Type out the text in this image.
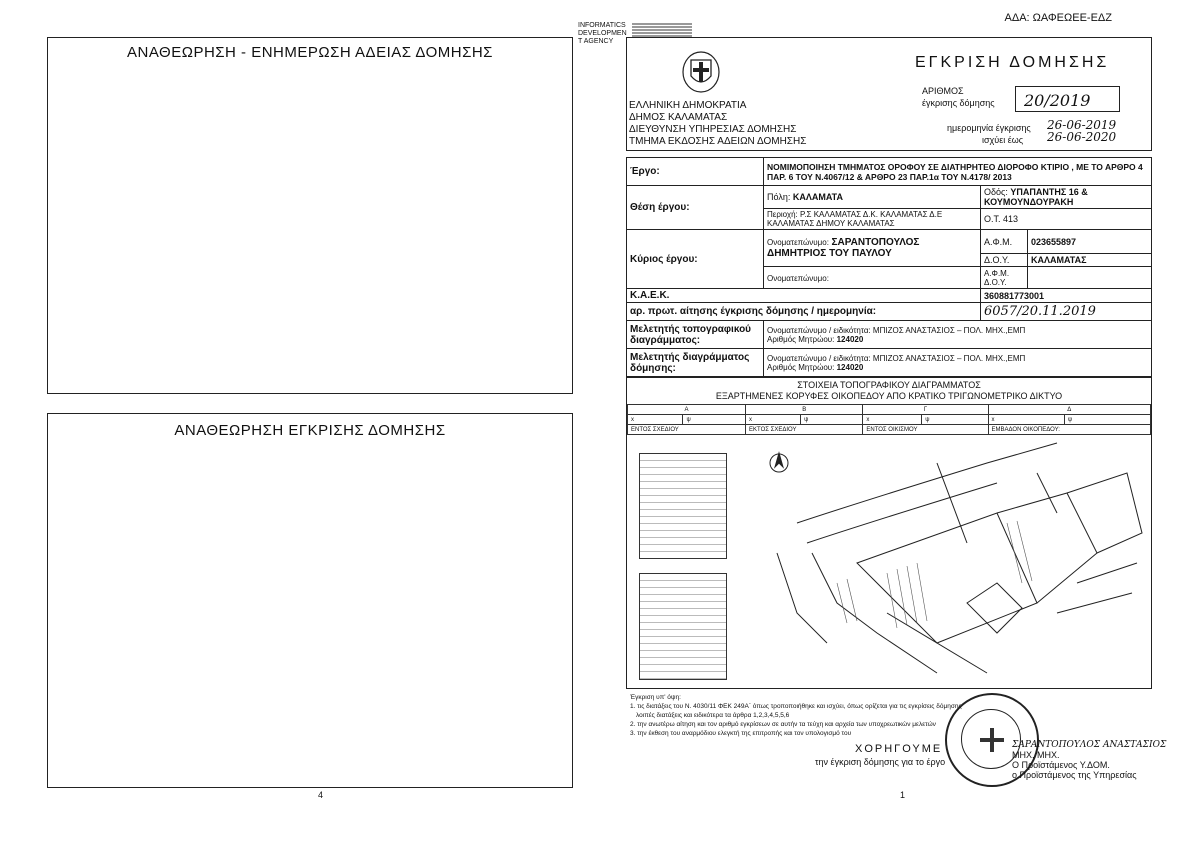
ΑΔΑ: ΩΑΦΕΩΕΕ-ΕΔΖ
ΑΝΑΘΕΩΡΗΣΗ - ΕΝΗΜΕΡΩΣΗ ΑΔΕΙΑΣ ΔΟΜΗΣΗΣ
ΑΝΑΘΕΩΡΗΣΗ ΕΓΚΡΙΣΗΣ ΔΟΜΗΣΗΣ
4
INFORMATICS
DEVELOPMEN
T AGENCY
ΕΛΛΗΝΙΚΗ ΔΗΜΟΚΡΑΤΙΑ
ΔΗΜΟΣ ΚΑΛΑΜΑΤΑΣ
ΔΙΕΥΘΥΝΣΗ ΥΠΗΡΕΣΙΑΣ ΔΟΜΗΣΗΣ
ΤΜΗΜΑ ΕΚΔΟΣΗΣ ΑΔΕΙΩΝ ΔΟΜΗΣΗΣ
ΕΓΚΡΙΣΗ ΔΟΜΗΣΗΣ
ΑΡΙΘΜΟΣ
έγκρισης δόμησης 20/2019
ημερομηνία έγκρισης 26-06-2019
ισχύει έως 26-06-2020
Έργο:	ΝΟΜΙΜΟΠΟΙΗΣΗ ΤΜΗΜΑΤΟΣ ΟΡΟΦΟΥ ΣΕ ΔΙΑΤΗΡΗΤΕΟ ΔΙΟΡΟΦΟ ΚΤΙΡΙΟ , ΜΕ ΤΟ ΑΡΘΡΟ 4 ΠΑΡ. 6 ΤΟΥ Ν.4067/12 & ΑΡΘΡΟ 23 ΠΑΡ.1α ΤΟΥ Ν.4178/ 2013		
Θέση έργου:	Πόλη: ΚΑΛΑΜΑΤΑ	Οδός: ΥΠΑΠΑΝΤΗΣ 16 & ΚΟΥΜΟΥΝΔΟΥΡΑΚΗ	
	Περιοχή: Ρ.Σ ΚΑΛΑΜΑΤΑΣ Δ.Κ. ΚΑΛΑΜΑΤΑΣ Δ.Ε ΚΑΛΑΜΑΤΑΣ ΔΗΜΟΥ ΚΑΛΑΜΑΤΑΣ	Ο.Τ. 413	
Κύριος έργου:	Ονοματεπώνυμο: ΣΑΡΑΝΤΟΠΟΥΛΟΣ ΔΗΜΗΤΡΙΟΣ ΤΟΥ ΠΑΥΛΟΥ	Α.Φ.Μ.	023655897
		Δ.Ο.Υ.	ΚΑΛΑΜΑΤΑΣ
	Ονοματεπώνυμο:	Α.Φ.Μ.
Δ.Ο.Υ.	

Κ.Α.Ε.Κ.		360881773001	
αρ. πρωτ. αίτησης έγκρισης δόμησης / ημερομηνία:		6057/20.11.2019	
Μελετητής τοπογραφικού διαγράμματος:	Ονοματεπώνυμο / ειδικότητα: ΜΠΙΖΟΣ ΑΝΑΣΤΑΣΙΟΣ – ΠΟΛ. ΜΗΧ.,ΕΜΠ
Αριθμός Μητρώου: 124020		

Μελετητής διαγράμματος δόμησης:	Ονοματεπώνυμο / ειδικότητα: ΜΠΙΖΟΣ ΑΝΑΣΤΑΣΙΟΣ – ΠΟΛ. ΜΗΧ.,ΕΜΠ
Αριθμός Μητρώου: 124020		
ΣΤΟΙΧΕΙΑ ΤΟΠΟΓΡΑΦΙΚΟΥ ΔΙΑΓΡΑΜΜΑΤΟΣ
ΕΞΑΡΤΗΜΕΝΕΣ ΚΟΡΥΦΕΣ ΟΙΚΟΠΕΔΟΥ ΑΠΟ ΚΡΑΤΙΚΟ ΤΡΙΓΩΝΟΜΕΤΡΙΚΟ ΔΙΚΤΥΟ
Α		Β		Γ		Δ	
x	ψ	x	ψ	x	ψ	x	ψ
ΕΝΤΟΣ ΣΧΕΔΙΟΥ		ΕΚΤΟΣ ΣΧΕΔΙΟΥ		ΕΝΤΟΣ ΟΙΚΙΣΜΟΥ		ΕΜΒΑΔΟΝ ΟΙΚΟΠΕΔΟΥ:	
Έγκριση υπ' όψη:
1. τις διατάξεις του Ν. 4030/11 ΦΕΚ 249Α΄ όπως τροποποιήθηκε και ισχύει, όπως ορίζεται για τις εγκρίσεις δόμησης
λοιπές διατάξεις και ειδικότερα τα άρθρα 1,2,3,4,5,5,6
2. την ανωτέρω αίτηση και τον αριθμό εγκρίσεων σε αυτήν τα τεύχη και αρχεία των υποχρεωτικών μελετών
3. την έκθεση του αναρμόδιου ελεγκτή της επιτροπής και τον υπολογισμό του
ΧΟΡΗΓΟΥΜΕ
την έγκριση δόμησης για το έργο
1
ΣΑΡΑΝΤΟΠΟΥΛΟΣ ΑΝΑΣΤΑΣΙΟΣ
ΜΗΧ. ΜΗΧ.
Ο Προϊστάμενος Υ.ΔΟΜ.
ο Προϊστάμενος της Υπηρεσίας
